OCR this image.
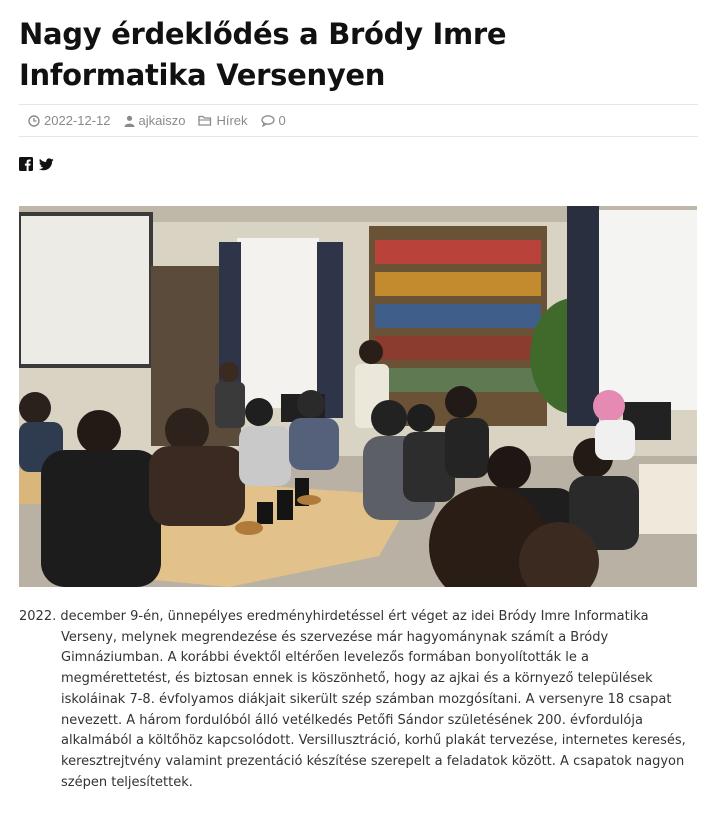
Nagy érdeklődés a Bródy Imre
Informatika Versenyen
2022-12-12 ajkaiszo Hírek 0
2022. december 9-én, ünnepélyes eredményhirdetéssel ért véget az idei Bródy Imre Informatika
Verseny, melynek megrendezése és szervezése már hagyománynak számít a Bródy
Gimnáziumban. A korábbi évektől eltérően levelezős formában bonyolították le a
megmérettetést, és biztosan ennek is köszönhető, hogy az ajkai és a környező települések
iskoláinak 7-8. évfolyamos diákjait sikerült szép számban mozgósítani. A versenyre 18 csapat
nevezett. A három fordulóból álló vetélkedés Petőfi Sándor születésének 200. évfordulója
alkalmából a költőhöz kapcsolódott. Versillusztráció, korhű plakát tervezése, internetes keresés,
keresztrejtvény valamint prezentáció készítése szerepelt a feladatok között. A csapatok nagyon
szépen teljesítettek.
